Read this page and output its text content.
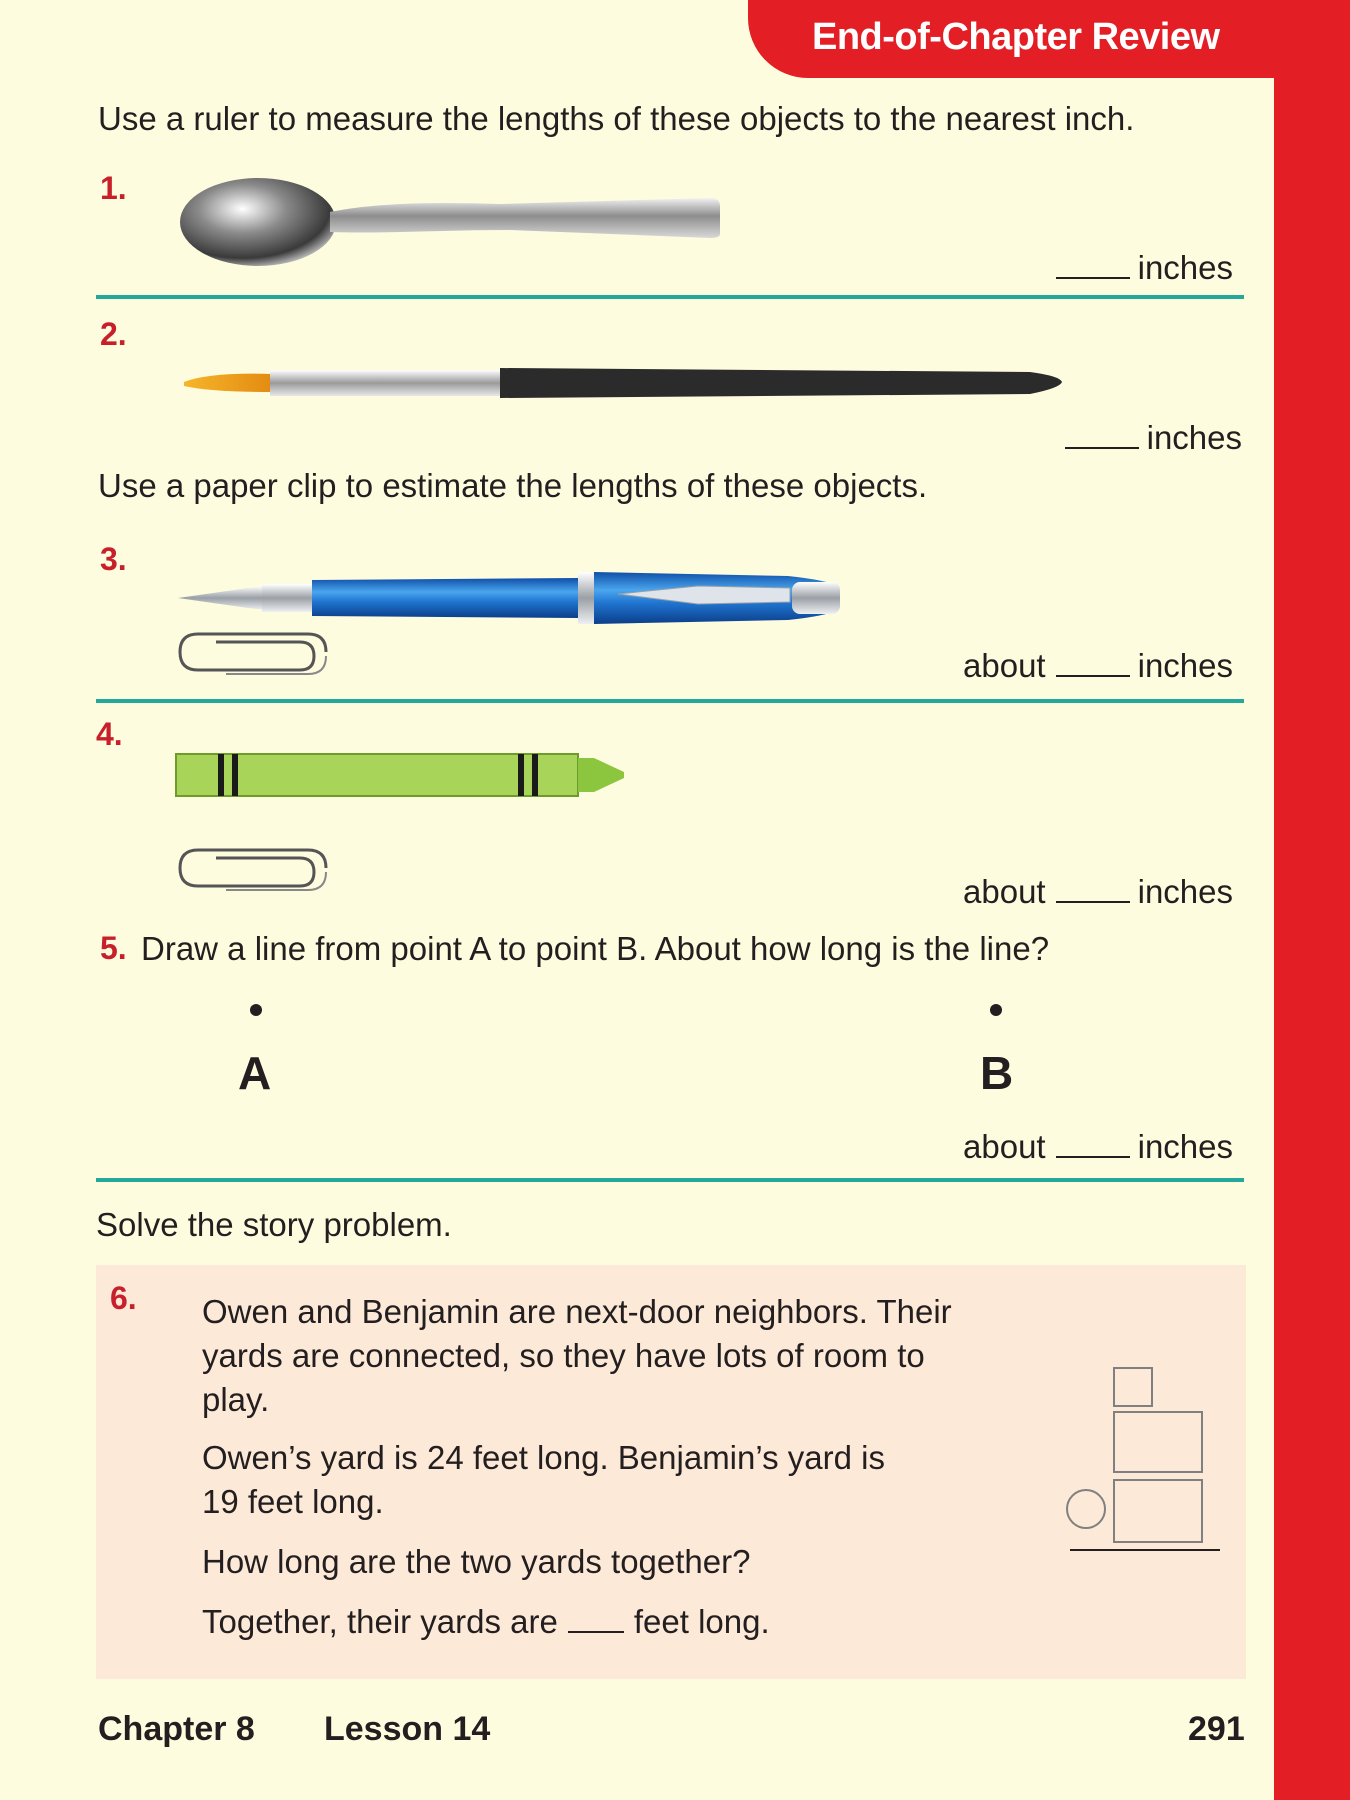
End-of-Chapter Review
Use a ruler to measure the lengths of these objects to the nearest inch.
1.
inches
2.
inches
Use a paper clip to estimate the lengths of these objects.
3.
about	inches
4.
about	inches
5. Draw a line from point A to point B. About how long is the line?
A	B
about	inches
Solve the story problem.
6. Owen and Benjamin are next-door neighbors. Their yards are connected, so they have lots of room to play.
Owen’s yard is 24 feet long. Benjamin’s yard is 19 feet long.
How long are the two yards together?
Together, their yards are feet long.
Chapter 8 Lesson 14	291
